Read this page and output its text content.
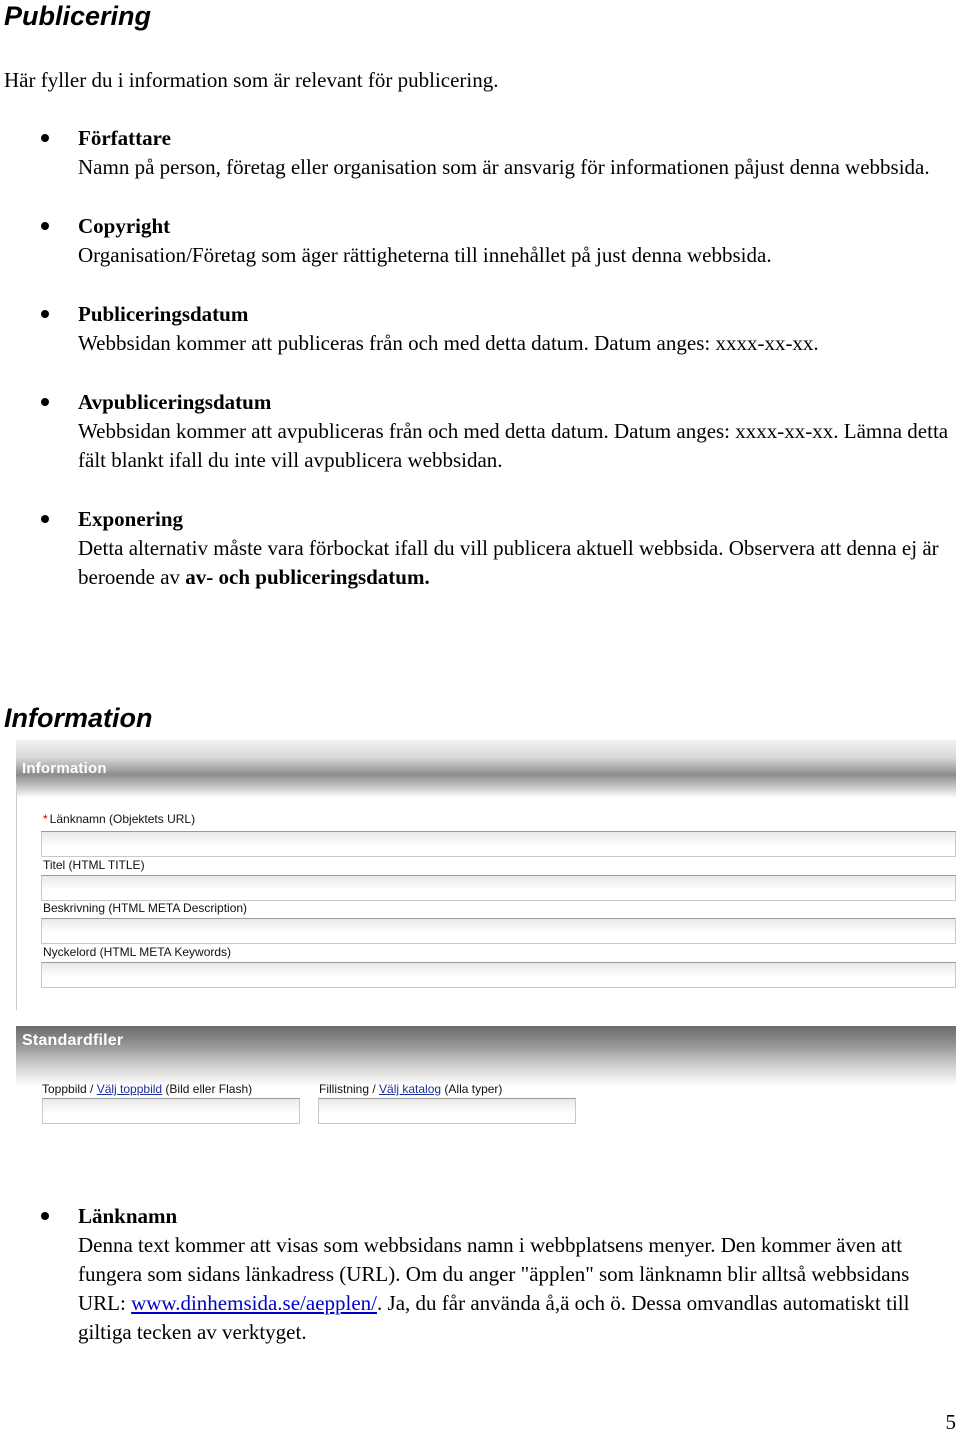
Publicering

Här fyller du i information som är relevant för publicering.

Författare
Namn på person, företag eller organisation som är ansvarig för informationen påjust denna webbsida.
Copyright
Organisation/Företag som äger rättigheterna till innehållet på just denna webbsida.
Publiceringsdatum
Webbsidan kommer att publiceras från och med detta datum. Datum anges: xxxx-xx-xx.
Avpubliceringsdatum
Webbsidan kommer att avpubliceras från och med detta datum. Datum anges: xxxx-xx-xx. Lämna detta fält blankt ifall du inte vill avpublicera webbsidan.
Exponering
Detta alternativ måste vara förbockat ifall du vill publicera aktuell webbsida. Observera att denna ej är beroende av av- och publiceringsdatum.
Information
Information
* Länknamn (Objektets URL)
Titel (HTML TITLE)
Beskrivning (HTML META Description)
Nyckelord (HTML META Keywords)
Standardfiler
Toppbild / Välj toppbild (Bild eller Flash)	Fillistning / Välj katalog (Alla typer)
Länknamn
Denna text kommer att visas som webbsidans namn i webbplatsens menyer. Den kommer även att fungera som sidans länkadress (URL). Om du anger "äpplen" som länknamn blir alltså webbsidans URL: www.dinhemsida.se/aepplen/. Ja, du får använda å,ä och ö. Dessa omvandlas automatiskt till giltiga tecken av verktyget.

5
